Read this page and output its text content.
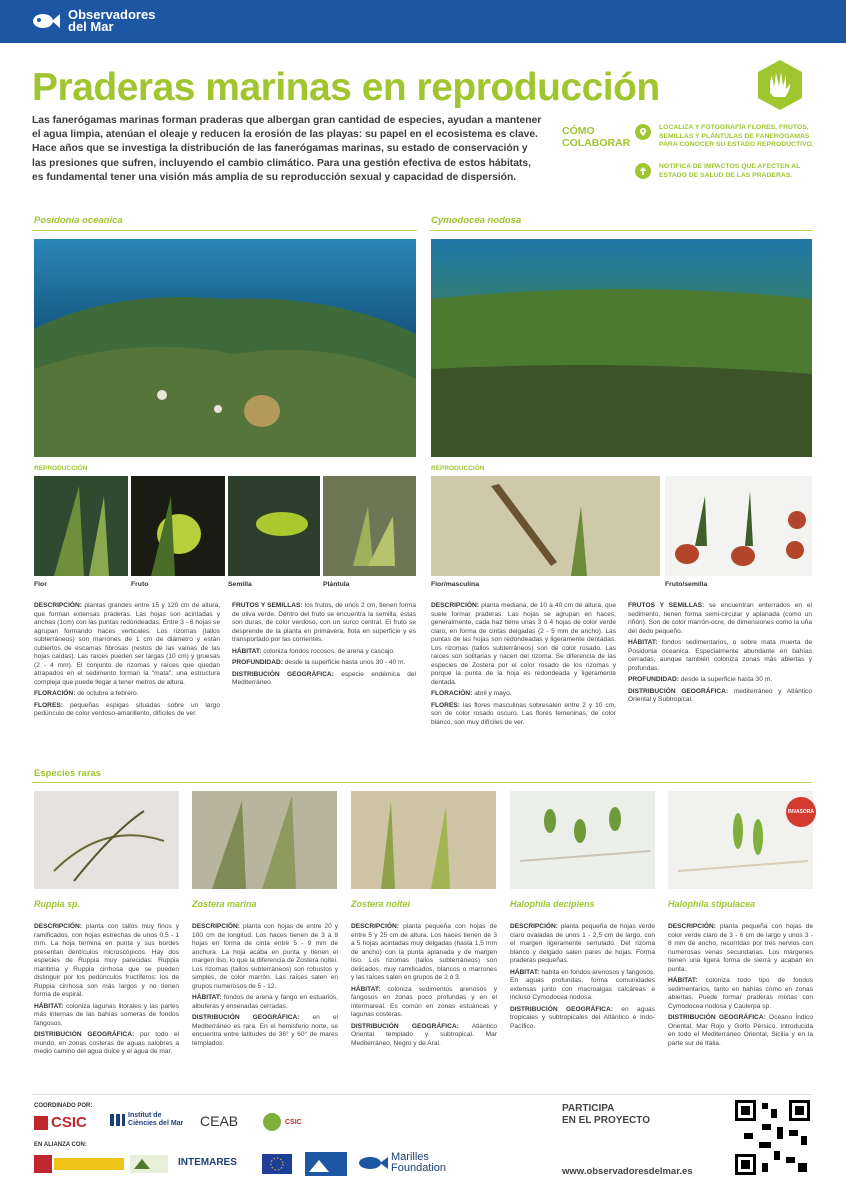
Observadores
del Mar
Praderas marinas en reproducción
Las fanerógamas marinas forman praderas que albergan gran cantidad de especies, ayudan a mantener el agua limpia, atenúan el oleaje y reducen la erosión de las playas: su papel en el ecosistema es clave. Hace años que se investiga la distribución de las fanerógamas marinas, su estado de conservación y las presiones que sufren, incluyendo el cambio climático. Para una gestión efectiva de estos hábitats, es fundamental tener una visión más amplia de su reproducción sexual y capacidad de dispersión.
CÓMO
COLABORAR
LOCALIZA Y FOTOGRAFÍA FLORES, FRUTOS, SEMILLAS Y PLÁNTULAS DE FANERÓGAMAS PARA CONOCER SU ESTADO REPRODUCTIVO.
NOTIFICA DE IMPACTOS QUE AFECTEN AL ESTADO DE SALUD DE LAS PRADERAS.
Posidonia oceanica
REPRODUCCIÓN
Flor	Fruto	Semilla	Plántula

DESCRIPCIÓN: plantas grandes entre 15 y 120 cm de altura, que forman extensas praderas. Las hojas son acintadas y anchas (1cm) con las puntas redondeadas. Entre 3 - 6 hojas se agrupan formando haces verticales. Los rizomas (tallos subterráneos) son marrones de 1 cm de diámetro y están cubiertos de escamas fibrosas (restos de las vainas de las hojas caídas). Las raíces pueden ser largas (10 cm) y gruesas (2 - 4 mm). El conjunto de rizomas y raíces que quedan atrapados en el sedimento forman la "mata", una estructura compleja que puede llegar a tener metros de altura.

FLORACIÓN: de octubre a febrero.

FLORES: pequeñas espigas situadas sobre un largo pedúnculo de color verdoso-amarillento, difíciles de ver.

FRUTOS Y SEMILLAS: los frutos, de unos 2 cm, tienen forma de oliva verde. Dentro del fruto se encuentra la semilla; éstas son duras, de color verdoso, con un surco central. El fruto se desprende de la planta en primavera, flota en superficie y es transportado por las corrientes.

HÁBITAT: coloniza fondos rocosos, de arena y cascajo.

PROFUNDIDAD: desde la superficie hasta unos 30 - 40 m.

DISTRIBUCIÓN GEOGRÁFICA: especie endémica del Mediterráneo.

Cymodocea nodosa
REPRODUCCIÓN
Flor/masculina	Fruto/semilla

DESCRIPCIÓN: planta mediana, de 10 a 40 cm de altura, que suele formar praderas. Las hojas se agrupan en haces; generalmente, cada haz tiene unas 3 ó 4 hojas de color verde claro, en forma de cintas delgadas (2 - 5 mm de ancho). Las puntas de las hojas son redondeadas y ligeramente dentadas. Los rizomas (tallos subterráneos) son de color rosado. Las raíces son solitarias y nacen del rizoma. Se diferencia de las especies de Zostera por el color rosado de los rizomas y porque la punta de la hoja es redondeada y ligeramente dentada.

FLORACIÓN: abril y mayo.

FLORES: las flores masculinas sobresalen entre 2 y 10 cm, son de color rosado oscuro. Las flores femeninas, de color blanco, son muy difíciles de ver.

FRUTOS Y SEMILLAS: se encuentran enterrados en el sedimento, tienen forma semi-circular y aplanada (como un riñón). Son de color marrón-ocre, de dimensiones como la uña del dedo pequeño.

HÁBITAT: fondos sedimentarios, o sobre mata muerta de Posidonia oceanica. Especialmente abundante en bahías cerradas, aunque también coloniza zonas más abiertas y profundas.

PROFUNDIDAD: desde la superficie hasta 30 m.

DISTRIBUCIÓN GEOGRÁFICA: mediterráneo y Atlántico Oriental y Subtropical.

Especies raras
INVASORA
Ruppia sp.	Zostera marina	Zostera noltei	Halophila decipiens	Halophila stipulacea

DESCRIPCIÓN: planta con tallos muy finos y ramificados, con hojas estrechas de unos 0,5 - 1 mm. La hoja termina en punta y sus bordes presentan dentículos microscópicos. Hay dos especies de Ruppia muy parecidas: Ruppia maritima y Ruppia cirrhosa que se pueden distinguir por los pedúnculos fructíferos: los de Ruppia cirrhosa son más largos y no tienen forma de espiral.

HÁBITAT: coloniza lagunas litorales y las partes más internas de las bahías someras de fondos fangosos.

DISTRIBUCIÓN GEOGRÁFICA: por todo el mundo, en zonas costeras de aguas salobres a medio camino del agua dulce y el agua de mar.

DESCRIPCIÓN: planta con hojas de entre 20 y 100 cm de longitud. Los haces tienen de 3 a 8 hojas en forma de cinta entre 5 - 9 mm de anchura. La hoja acaba en punta y tienen el margen liso, lo que la diferencia de Zostera noltei. Los rizomas (tallos subterráneos) son robustos y simples, de color marrón. Las raíces salen en grupos numerosos de 5 - 12.

HÁBITAT: fondos de arena y fango en estuarios, albuferas y ensenadas cerradas.

DISTRIBUCIÓN GEOGRÁFICA: en el Mediterráneo es rara. En el hemisferio norte, se encuentra entre latitudes de 36° y 60° de mares templados.

DESCRIPCIÓN: planta pequeña con hojas de entre 5 y 25 cm de altura. Los haces tienen de 3 a 5 hojas acintadas muy delgadas (hasta 1,5 mm de ancho) con la punta aplanada y de margen liso. Los rizomas (tallos subterráneos) son delicados, muy ramificados, blancos o marrones y las raíces salen en grupos de 2 ó 3.

HÁBITAT: coloniza sedimentos arenosos y fangosos en zonas poco profundas y en el intermareal. Es común en zonas estuáricas y lagunas costeras.

DISTRIBUCIÓN GEOGRÁFICA: Atlántico Oriental templado y subtropical. Mar Mediterráneo, Negro y de Aral.

DESCRIPCIÓN: planta pequeña de hojas verde claro ovaladas de unos 1 - 2,5 cm de largo, con el margen ligeramente serrulado. Del rizoma blanco y delgado salen pares de hojas. Forma praderas pequeñas.

HÁBITAT: habita en fondos arenosos y fangosos. En aguas profundas, forma comunidades extensas junto con macroalgas calcáreas e incluso Cymodocea nodosa.

DISTRIBUCIÓN GEOGRÁFICA: en aguas tropicales y subtropicales del Atlántico e Indo-Pacífico.

DESCRIPCIÓN: planta pequeña con hojas de color verde claro de 3 - 6 cm de largo y unos 3 - 8 mm de ancho, recorridas por tres nervios con numerosas venas secundarias. Los márgenes tienen una ligera forma de sierra y acaban en punta.

HÁBITAT: coloniza todo tipo de fondos sedimentarios, tanto en bahías como en zonas abiertas. Puede formar praderas mixtas con Cymodocea nodosa y Caulerpa sp.

DISTRIBUCIÓN GEOGRÁFICA: Océano Índico Oriental, Mar Rojo y Golfo Pérsico. Introducida en todo el Mediterráneo Oriental, Sicilia y en la parte sur de Italia.

COORDINADO POR:
CSIC	Institut de Ciències del Mar	CEAB	CSIC
EN ALIANZA CON:
INTEMARES	Marilles Foundation
PARTICIPA
EN EL PROYECTO
www.observadoresdelmar.es
